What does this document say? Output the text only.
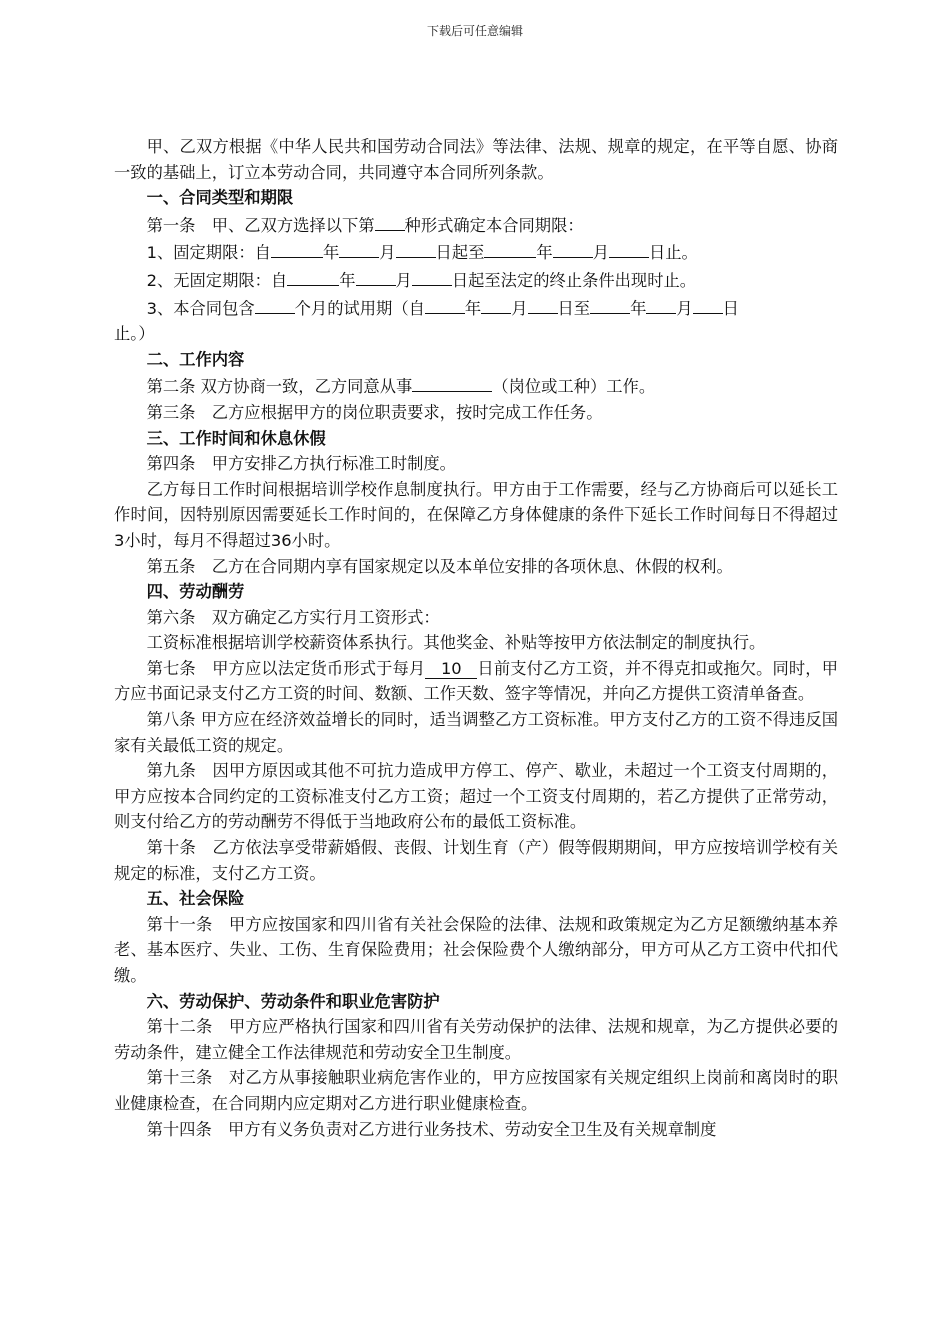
下载后可任意编辑

甲、乙双方根据《中华人民共和国劳动合同法》等法律、法规、规章的规定，在平等自愿、协商一致的基础上，订立本劳动合同，共同遵守本合同所列条款。

一、合同类型和期限

第一条　甲、乙双方选择以下第 种形式确定本合同期限：

1、固定期限：自	年 月 日起至	年 月 日止。

2、无固定期限：自	年 月 日起至法定的终止条件出现时止。

3、本合同包含 个月的试用期（自 年 月 日至 年 月 日

止。）

二、工作内容

第二条 双方协商一致，乙方同意从事	（岗位或工种）工作。

第三条　乙方应根据甲方的岗位职责要求，按时完成工作任务。

三、工作时间和休息休假

第四条　甲方安排乙方执行标准工时制度。

乙方每日工作时间根据培训学校作息制度执行。甲方由于工作需要，经与乙方协商后可以延长工作时间，因特别原因需要延长工作时间的，在保障乙方身体健康的条件下延长工作时间每日不得超过3小时，每月不得超过36小时。

第五条　乙方在合同期内享有国家规定以及本单位安排的各项休息、休假的权利。

四、劳动酬劳

第六条　双方确定乙方实行月工资形式：

工资标准根据培训学校薪资体系执行。其他奖金、补贴等按甲方依法制定的制度执行。

第七条　甲方应以法定货币形式于每月 10 日前支付乙方工资，并不得克扣或拖欠。同时，甲方应书面记录支付乙方工资的时间、数额、工作天数、签字等情况，并向乙方提供工资清单备查。

第八条 甲方应在经济效益增长的同时，适当调整乙方工资标准。甲方支付乙方的工资不得违反国家有关最低工资的规定。

第九条　因甲方原因或其他不可抗力造成甲方停工、停产、歇业，未超过一个工资支付周期的，甲方应按本合同约定的工资标准支付乙方工资；超过一个工资支付周期的，若乙方提供了正常劳动，则支付给乙方的劳动酬劳不得低于当地政府公布的最低工资标准。

第十条　乙方依法享受带薪婚假、丧假、计划生育（产）假等假期期间，甲方应按培训学校有关规定的标准，支付乙方工资。

五、社会保险

第十一条　甲方应按国家和四川省有关社会保险的法律、法规和政策规定为乙方足额缴纳基本养老、基本医疗、失业、工伤、生育保险费用；社会保险费个人缴纳部分，甲方可从乙方工资中代扣代缴。

六、劳动保护、劳动条件和职业危害防护

第十二条　甲方应严格执行国家和四川省有关劳动保护的法律、法规和规章，为乙方提供必要的劳动条件，建立健全工作法律规范和劳动安全卫生制度。

第十三条　对乙方从事接触职业病危害作业的，甲方应按国家有关规定组织上岗前和离岗时的职业健康检查，在合同期内应定期对乙方进行职业健康检查。

第十四条　甲方有义务负责对乙方进行业务技术、劳动安全卫生及有关规章制度
